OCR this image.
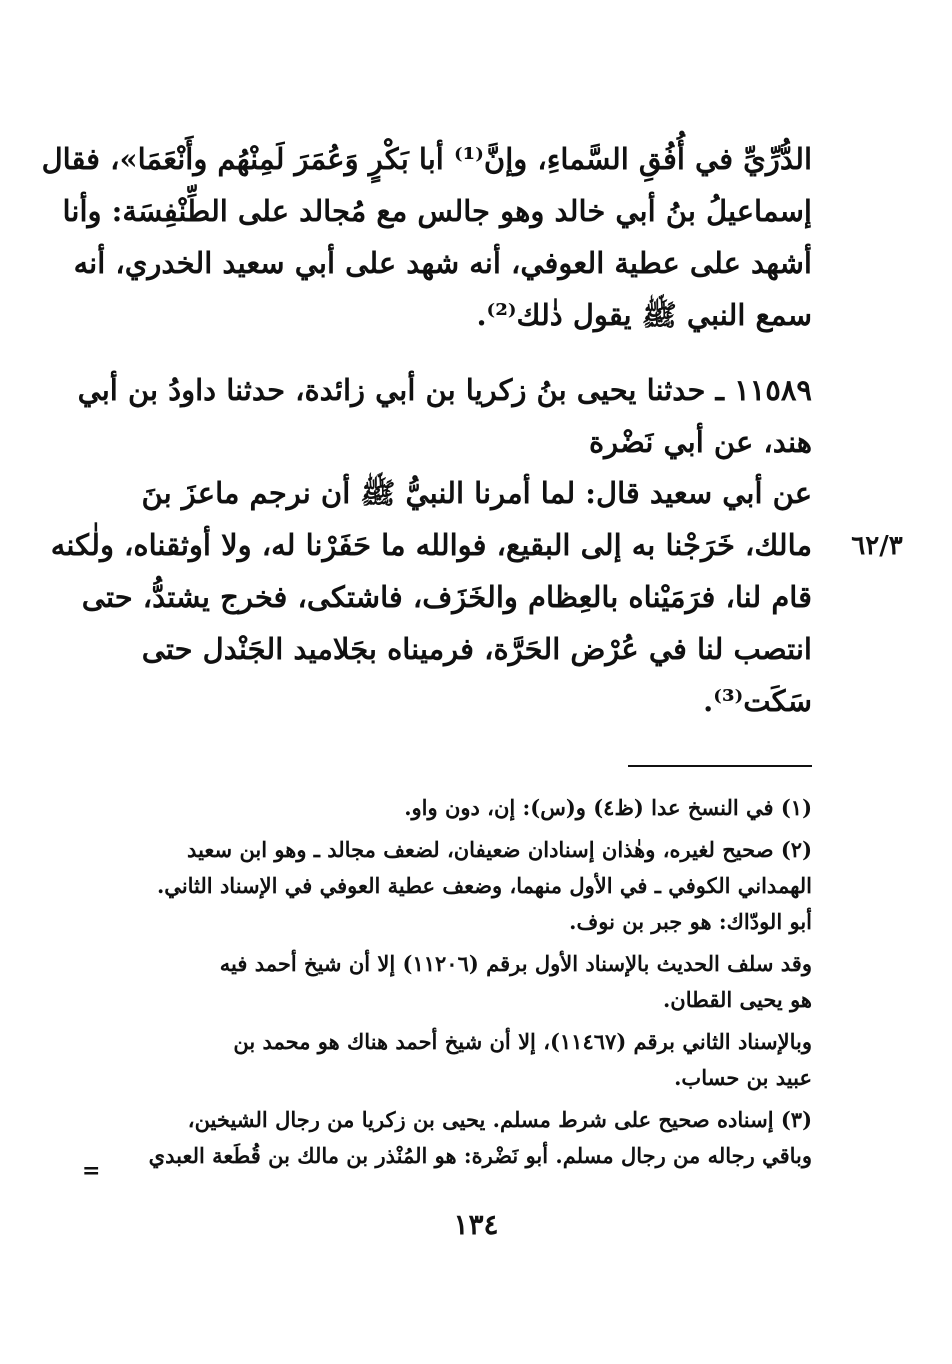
الدُّرِّيِّ في أُفُقِ السَّماءِ، وإنَّ⁽¹⁾ أبا بَكْرٍ وَعُمَرَ لَمِنْهُم وأَنْعَمَا»، فقال
إسماعيلُ بنُ أبي خالد وهو جالس مع مُجالد على الطِّنْفِسَة: وأنا
أشهد على عطية العوفي، أنه شهد على أبي سعيد الخدري، أنه
سمع النبي ﷺ يقول ذٰلك⁽²⁾.
١١٥٨٩ ـ حدثنا يحيى بنُ زكريا بن أبي زائدة، حدثنا داودُ بن أبي
هند، عن أبي نَضْرة
عن أبي سعيد قال: لما أمرنا النبيُّ ﷺ أن نرجم ماعزَ بنَ
مالك، خَرَجْنا به إلى البقيع، فوالله ما حَفَرْنا له، ولا أوثقناه، ولٰكنه
قام لنا، فرَمَيْناه بالعِظام والخَزَف، فاشتكى، فخرج يشتدُّ، حتى
انتصب لنا في عُرْض الحَرَّة، فرميناه بجَلاميد الجَنْدل حتى
سَكَت⁽³⁾.
٦٢/٣
(١) في النسخ عدا (ظ٤) و(س): إن، دون واو.
(٢) صحيح لغيره، وهٰذان إسنادان ضعيفان، لضعف مجالد ـ وهو ابن سعيد
الهمداني الكوفي ـ في الأول منهما، وضعف عطية العوفي في الإسناد الثاني.
أبو الودّاك: هو جبر بن نوف.
وقد سلف الحديث بالإسناد الأول برقم (١١٢٠٦) إلا أن شيخ أحمد فيه
هو يحيى القطان.
وبالإسناد الثاني برقم (١١٤٦٧)، إلا أن شيخ أحمد هناك هو محمد بن
عبيد بن حساب.
(٣) إسناده صحيح على شرط مسلم. يحيى بن زكريا من رجال الشيخين،
وباقي رجاله من رجال مسلم. أبو نَضْرة: هو المُنْذر بن مالك بن قُطَعة العبدي
=
١٣٤
